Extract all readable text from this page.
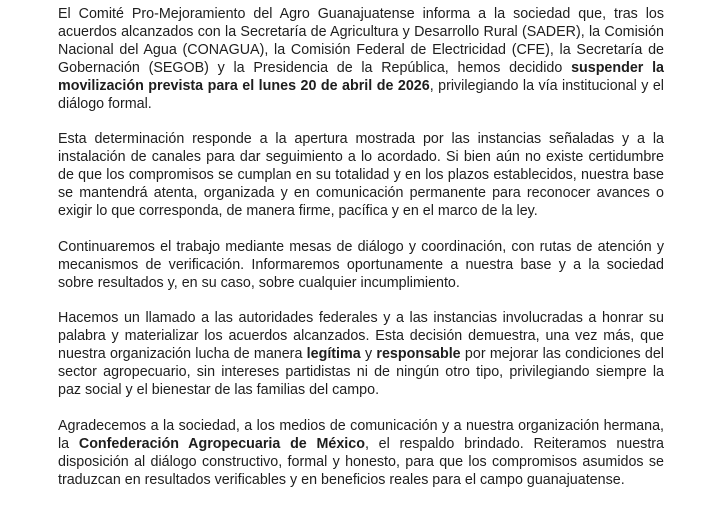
El Comité Pro-Mejoramiento del Agro Guanajuatense informa a la sociedad que, tras los acuerdos alcanzados con la Secretaría de Agricultura y Desarrollo Rural (SADER), la Comisión Nacional del Agua (CONAGUA), la Comisión Federal de Electricidad (CFE), la Secretaría de Gobernación (SEGOB) y la Presidencia de la República, hemos decidido suspender la movilización prevista para el lunes 20 de abril de 2026, privilegiando la vía institucional y el diálogo formal.

Esta determinación responde a la apertura mostrada por las instancias señaladas y a la instalación de canales para dar seguimiento a lo acordado. Si bien aún no existe certidumbre de que los compromisos se cumplan en su totalidad y en los plazos establecidos, nuestra base se mantendrá atenta, organizada y en comunicación permanente para reconocer avances o exigir lo que corresponda, de manera firme, pacífica y en el marco de la ley.

Continuaremos el trabajo mediante mesas de diálogo y coordinación, con rutas de atención y mecanismos de verificación. Informaremos oportunamente a nuestra base y a la sociedad sobre resultados y, en su caso, sobre cualquier incumplimiento.

Hacemos un llamado a las autoridades federales y a las instancias involucradas a honrar su palabra y materializar los acuerdos alcanzados. Esta decisión demuestra, una vez más, que nuestra organización lucha de manera legítima y responsable por mejorar las condiciones del sector agropecuario, sin intereses partidistas ni de ningún otro tipo, privilegiando siempre la paz social y el bienestar de las familias del campo.

Agradecemos a la sociedad, a los medios de comunicación y a nuestra organización hermana, la Confederación Agropecuaria de México, el respaldo brindado. Reiteramos nuestra disposición al diálogo constructivo, formal y honesto, para que los compromisos asumidos se traduzcan en resultados verificables y en beneficios reales para el campo guanajuatense.
